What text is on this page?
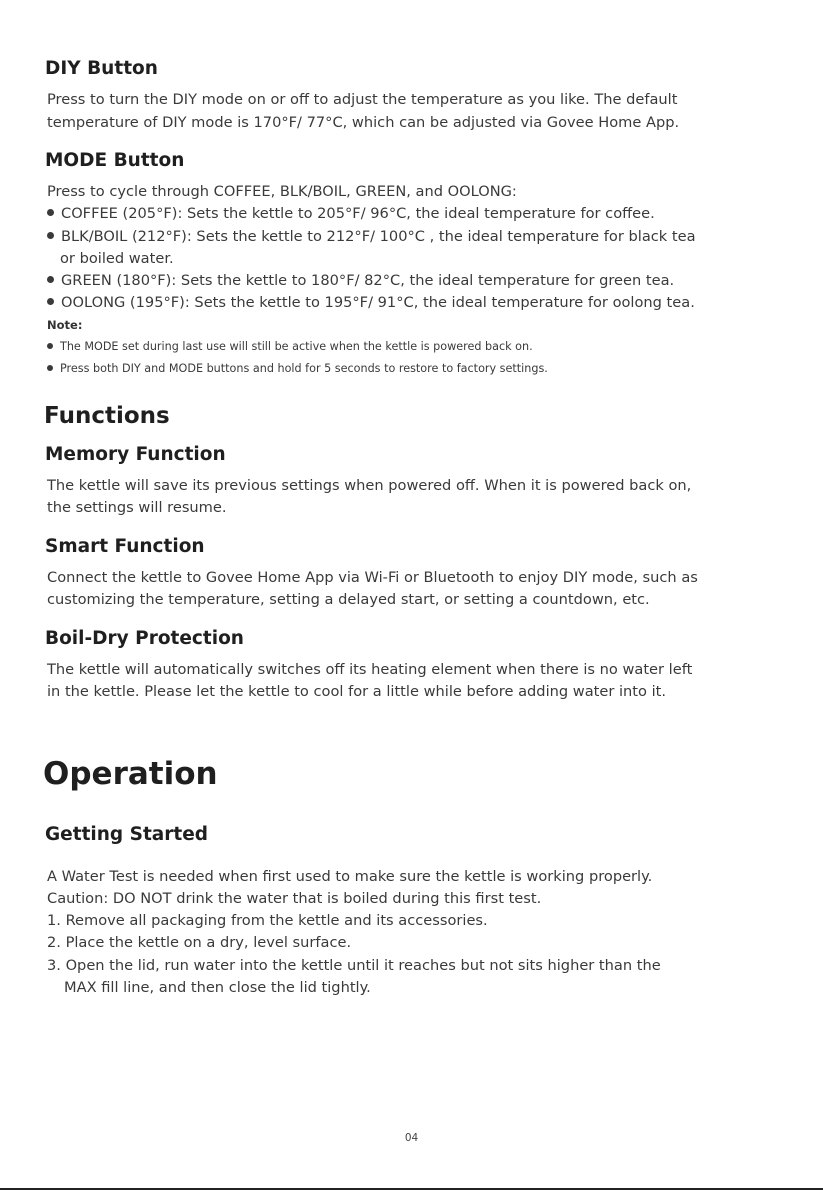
DIY Button
Press to turn the DIY mode on or off to adjust the temperature as you like. The default
temperature of DIY mode is 170°F/ 77°C, which can be adjusted via Govee Home App.
MODE Button
Press to cycle through COFFEE, BLK/BOIL, GREEN, and OOLONG:
COFFEE (205°F): Sets the kettle to 205°F/ 96°C, the ideal temperature for coffee.
BLK/BOIL (212°F): Sets the kettle to 212°F/ 100°C , the ideal temperature for black tea
or boiled water.
GREEN (180°F): Sets the kettle to 180°F/ 82°C, the ideal temperature for green tea.
OOLONG (195°F): Sets the kettle to 195°F/ 91°C, the ideal temperature for oolong tea.
Note:
The MODE set during last use will still be active when the kettle is powered back on.
Press both DIY and MODE buttons and hold for 5 seconds to restore to factory settings.
Functions
Memory Function
The kettle will save its previous settings when powered off. When it is powered back on,
the settings will resume.
Smart Function
Connect the kettle to Govee Home App via Wi-Fi or Bluetooth to enjoy DIY mode, such as
customizing the temperature, setting a delayed start, or setting a countdown, etc.
Boil-Dry Protection
The kettle will automatically switches off its heating element when there is no water left
in the kettle. Please let the kettle to cool for a little while before adding water into it.
Operation
Getting Started
A Water Test is needed when first used to make sure the kettle is working properly.
Caution: DO NOT drink the water that is boiled during this first test.
1. Remove all packaging from the kettle and its accessories.
2. Place the kettle on a dry, level surface.
3. Open the lid, run water into the kettle until it reaches but not sits higher than the
MAX fill line, and then close the lid tightly.
04
